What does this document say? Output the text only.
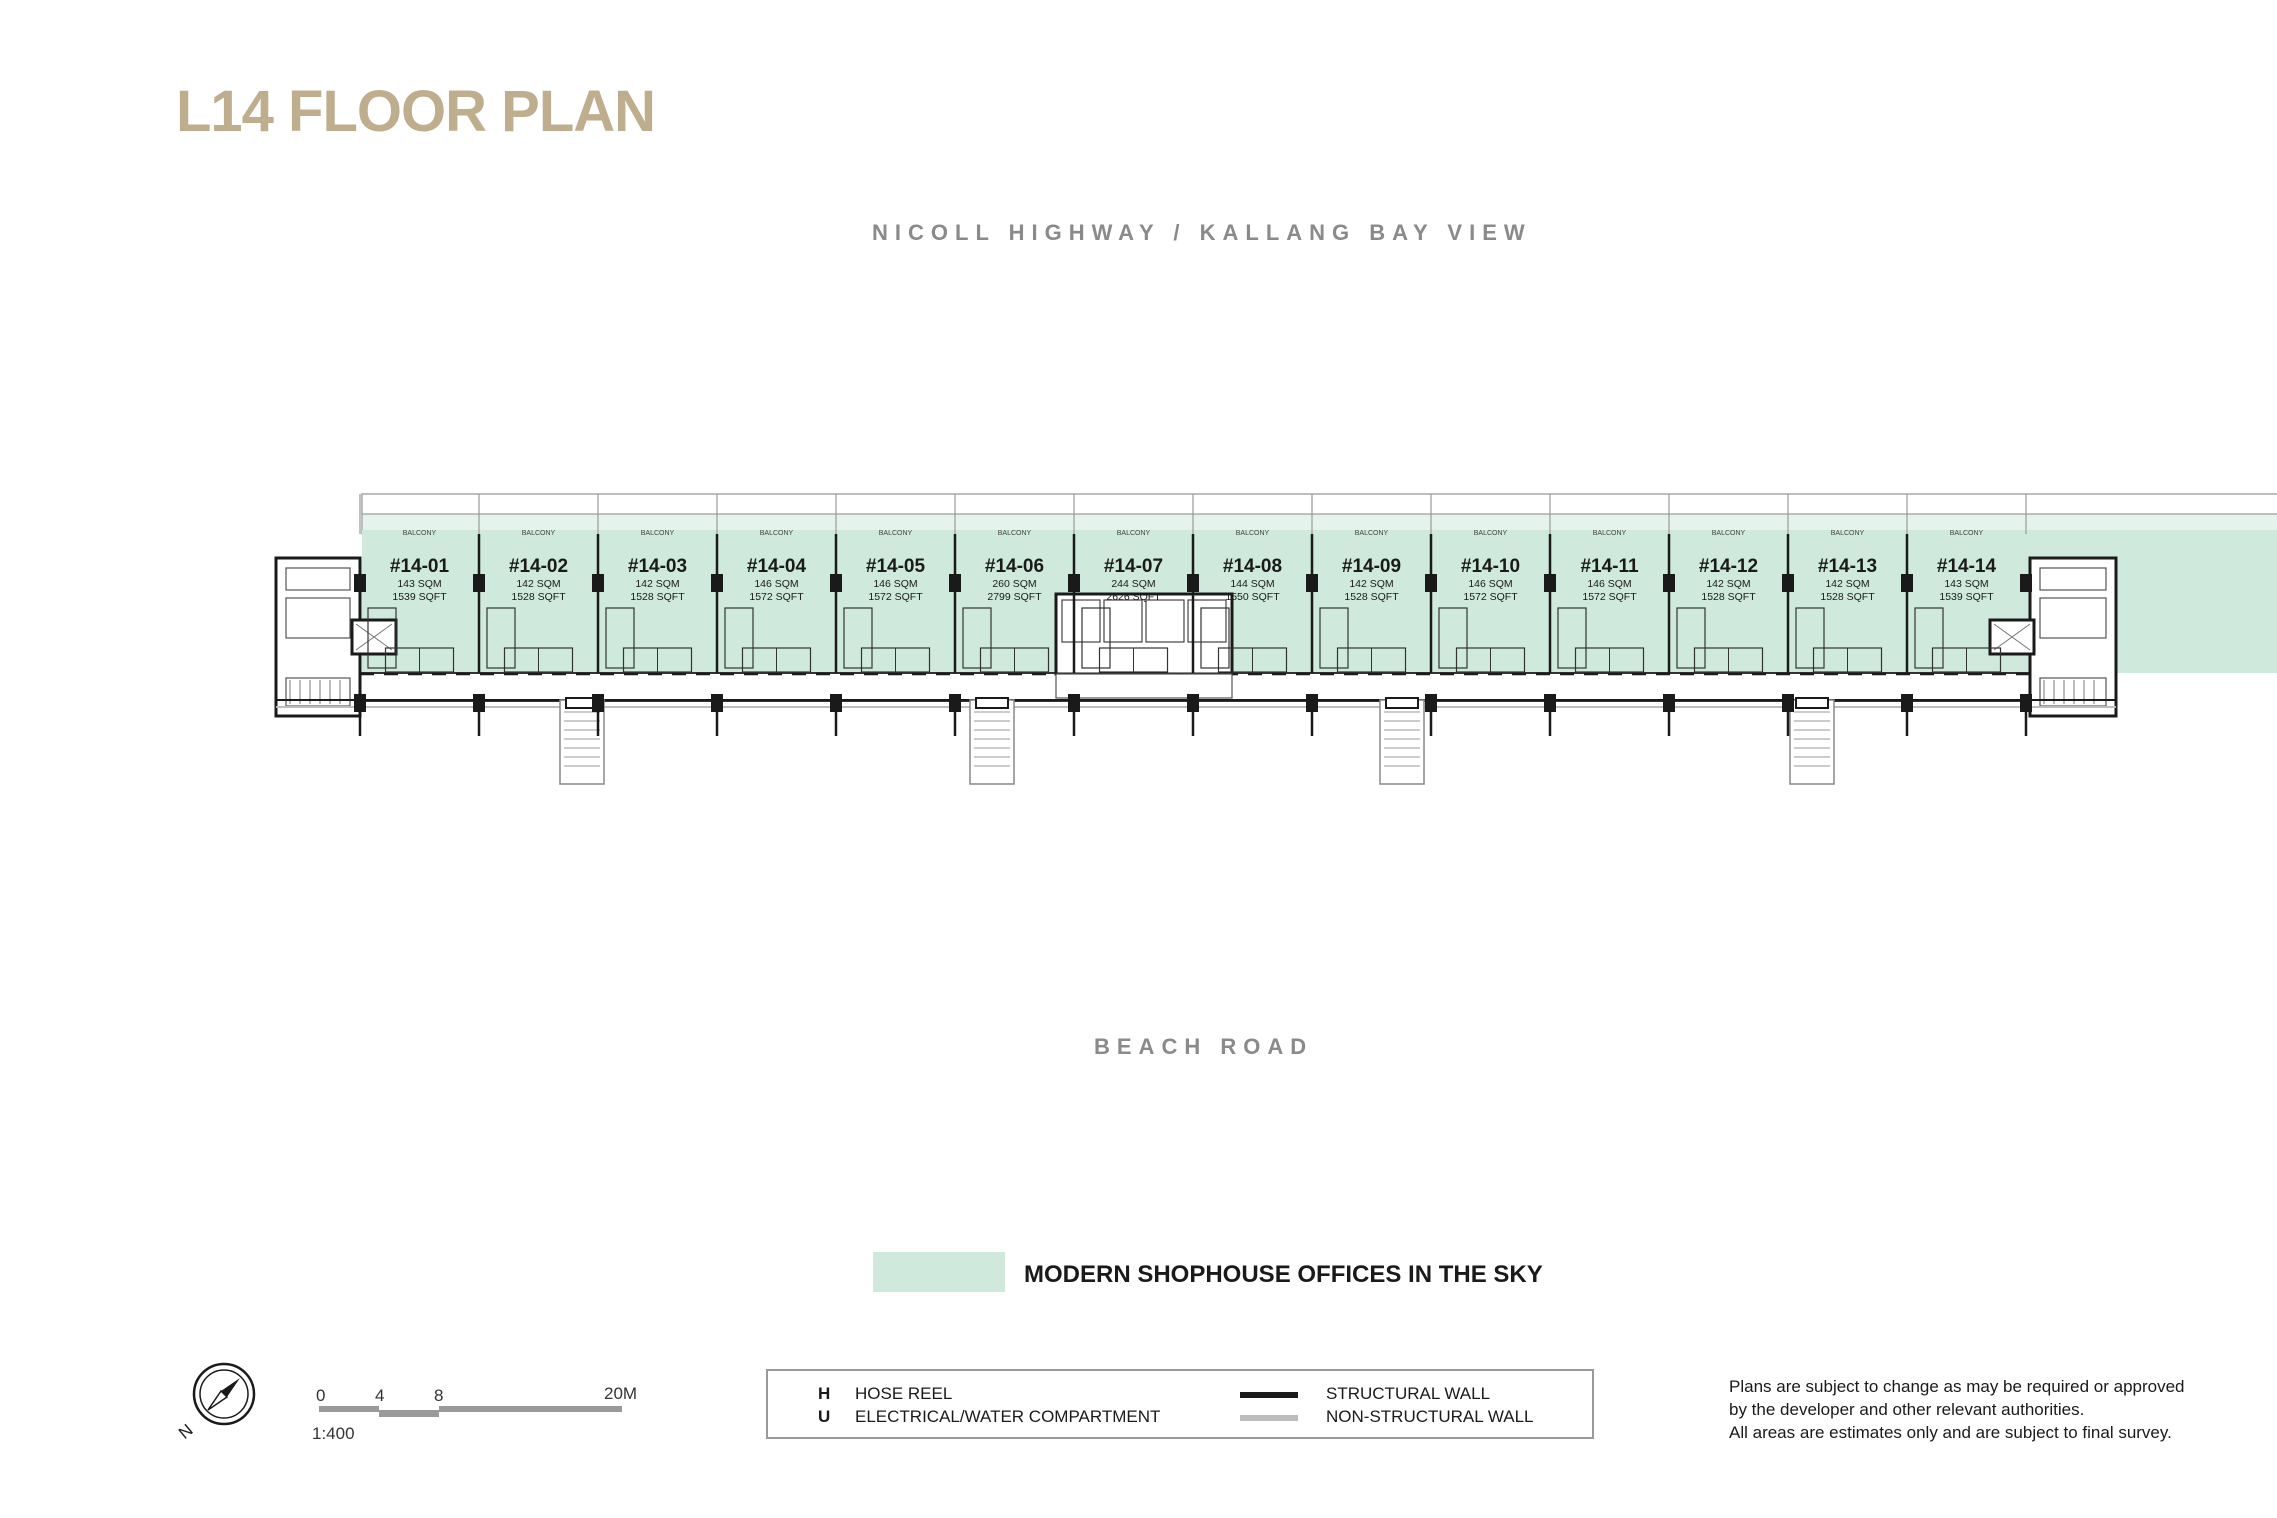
L14 FLOOR PLAN
NICOLL HIGHWAY / KALLANG BAY VIEW
BALCONY
#14-01
143 SQM
1539 SQFT
BALCONY
#14-02
142 SQM
1528 SQFT
BALCONY
#14-03
142 SQM
1528 SQFT
BALCONY
#14-04
146 SQM
1572 SQFT
BALCONY
#14-05
146 SQM
1572 SQFT
BALCONY
#14-06
260 SQM
2799 SQFT
BALCONY
#14-07
244 SQM
2626 SQFT
BALCONY
#14-08
144 SQM
1550 SQFT
BALCONY
#14-09
142 SQM
1528 SQFT
BALCONY
#14-10
146 SQM
1572 SQFT
BALCONY
#14-11
146 SQM
1572 SQFT
BALCONY
#14-12
142 SQM
1528 SQFT
BALCONY
#14-13
142 SQM
1528 SQFT
BALCONY
#14-14
143 SQM
1539 SQFT
BEACH ROAD
MODERN SHOPHOUSE OFFICES IN THE SKY
N
0	4	8	20M
1:400
H HOSE REEL
U ELECTRICAL/WATER COMPARTMENT
STRUCTURAL WALL
NON-STRUCTURAL WALL
Plans are subject to change as may be required or approved
by the developer and other relevant authorities.
All areas are estimates only and are subject to final survey.
